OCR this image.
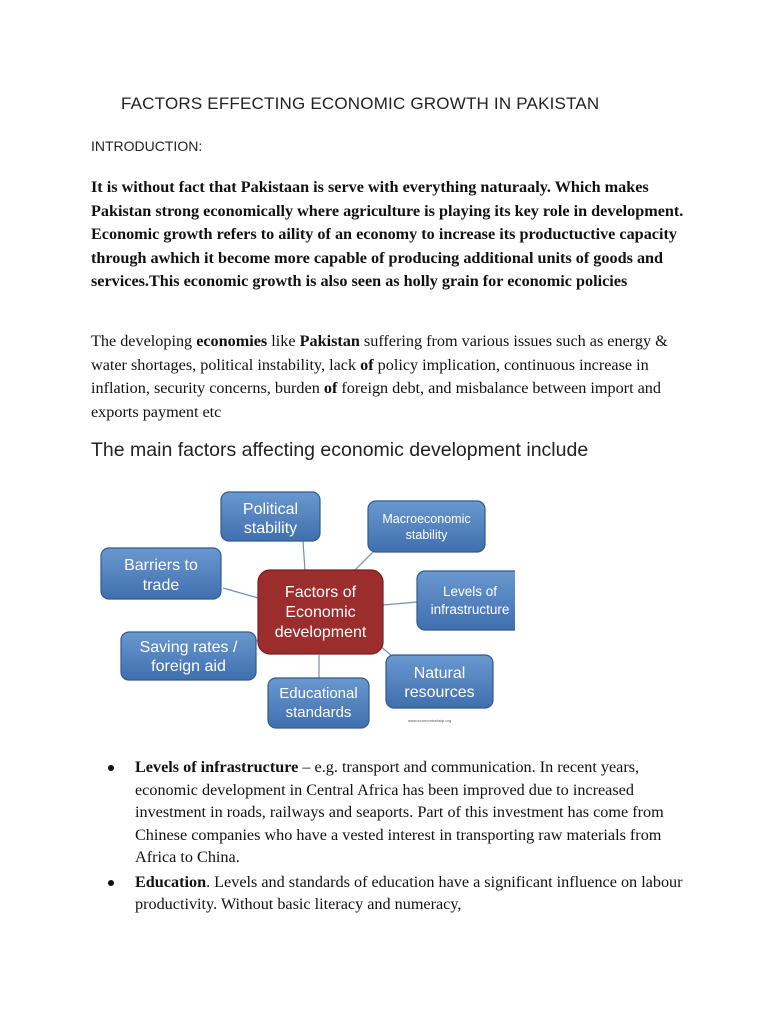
FACTORS EFFECTING ECONOMIC GROWTH IN PAKISTAN
INTRODUCTION:

It is without fact that Pakistaan is serve with everything naturaaly. Which makes Pakistan strong economically where agriculture is playing its key role in development. Economic growth refers to aility of an economy to increase its productuctive capacity through awhich it become more capable of producing additional units of goods and services.This economic growth is also seen as holly grain for economic policies

The developing economies like Pakistan suffering from various issues such as energy & water shortages, political instability, lack of policy implication, continuous increase in inflation, security concerns, burden of foreign debt, and misbalance between import and exports payment etc

The main factors affecting economic development include
Political
stability
Macroeconomic
stability
Barriers to
trade	Factors of
Economic
development
Levels of
infrastructure
Saving rates /
foreign aid	Natural
resources
Educational
standards	www.economicshelp.org
Levels of infrastructure – e.g. transport and communication. In recent years, economic development in Central Africa has been improved due to increased investment in roads, railways and seaports. Part of this investment has come from Chinese companies who have a vested interest in transporting raw materials from Africa to China.
Education. Levels and standards of education have a significant influence on labour productivity. Without basic literacy and numeracy,
